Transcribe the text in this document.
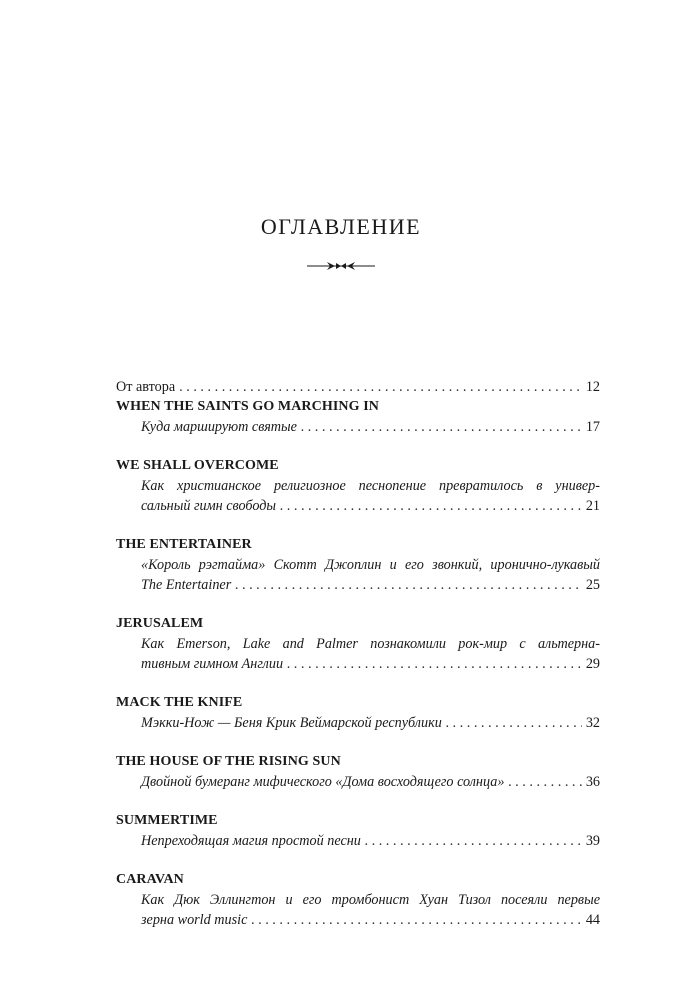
ОГЛАВЛЕНИЕ
От автора . . .	12
WHEN THE SAINTS GO MARCHING IN
Куда маршируют святые . . .	17
WE SHALL OVERCOME
Как христианское религиозное песнопение превратилось в универ-
сальный гимн свободы . . .	21
THE ENTERTAINER
«Король рэгтайма» Скотт Джоплин и его звонкий, иронично-лукавый
The Entertainer . . .	25
JERUSALEM
Как Emerson, Lake and Palmer познакомили рок-мир с альтерна-
тивным гимном Англии . . .	29
MACK THE KNIFE
Мэкки-Нож — Беня Крик Веймарской республики . . .	32
THE HOUSE OF THE RISING SUN
Двойной бумеранг мифического «Дома восходящего солнца» . . .	36
SUMMERTIME
Непреходящая магия простой песни . . .	39
CARAVAN
Как Дюк Эллингтон и его тромбонист Хуан Тизол посеяли первые
зерна world music . . .	44
